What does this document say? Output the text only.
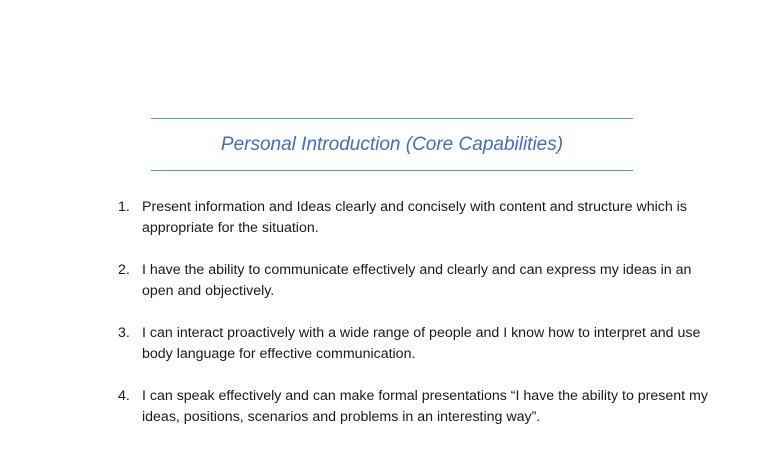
Personal Introduction (Core Capabilities)
1. Present information and Ideas clearly and concisely with content and structure which is appropriate for the situation.
2. I have the ability to communicate effectively and clearly and can express my ideas in an open and objectively.
3. I can interact proactively with a wide range of people and I know how to interpret and use body language for effective communication.
4. I can speak effectively and can make formal presentations “I have the ability to present my ideas, positions, scenarios and problems in an interesting way”.
